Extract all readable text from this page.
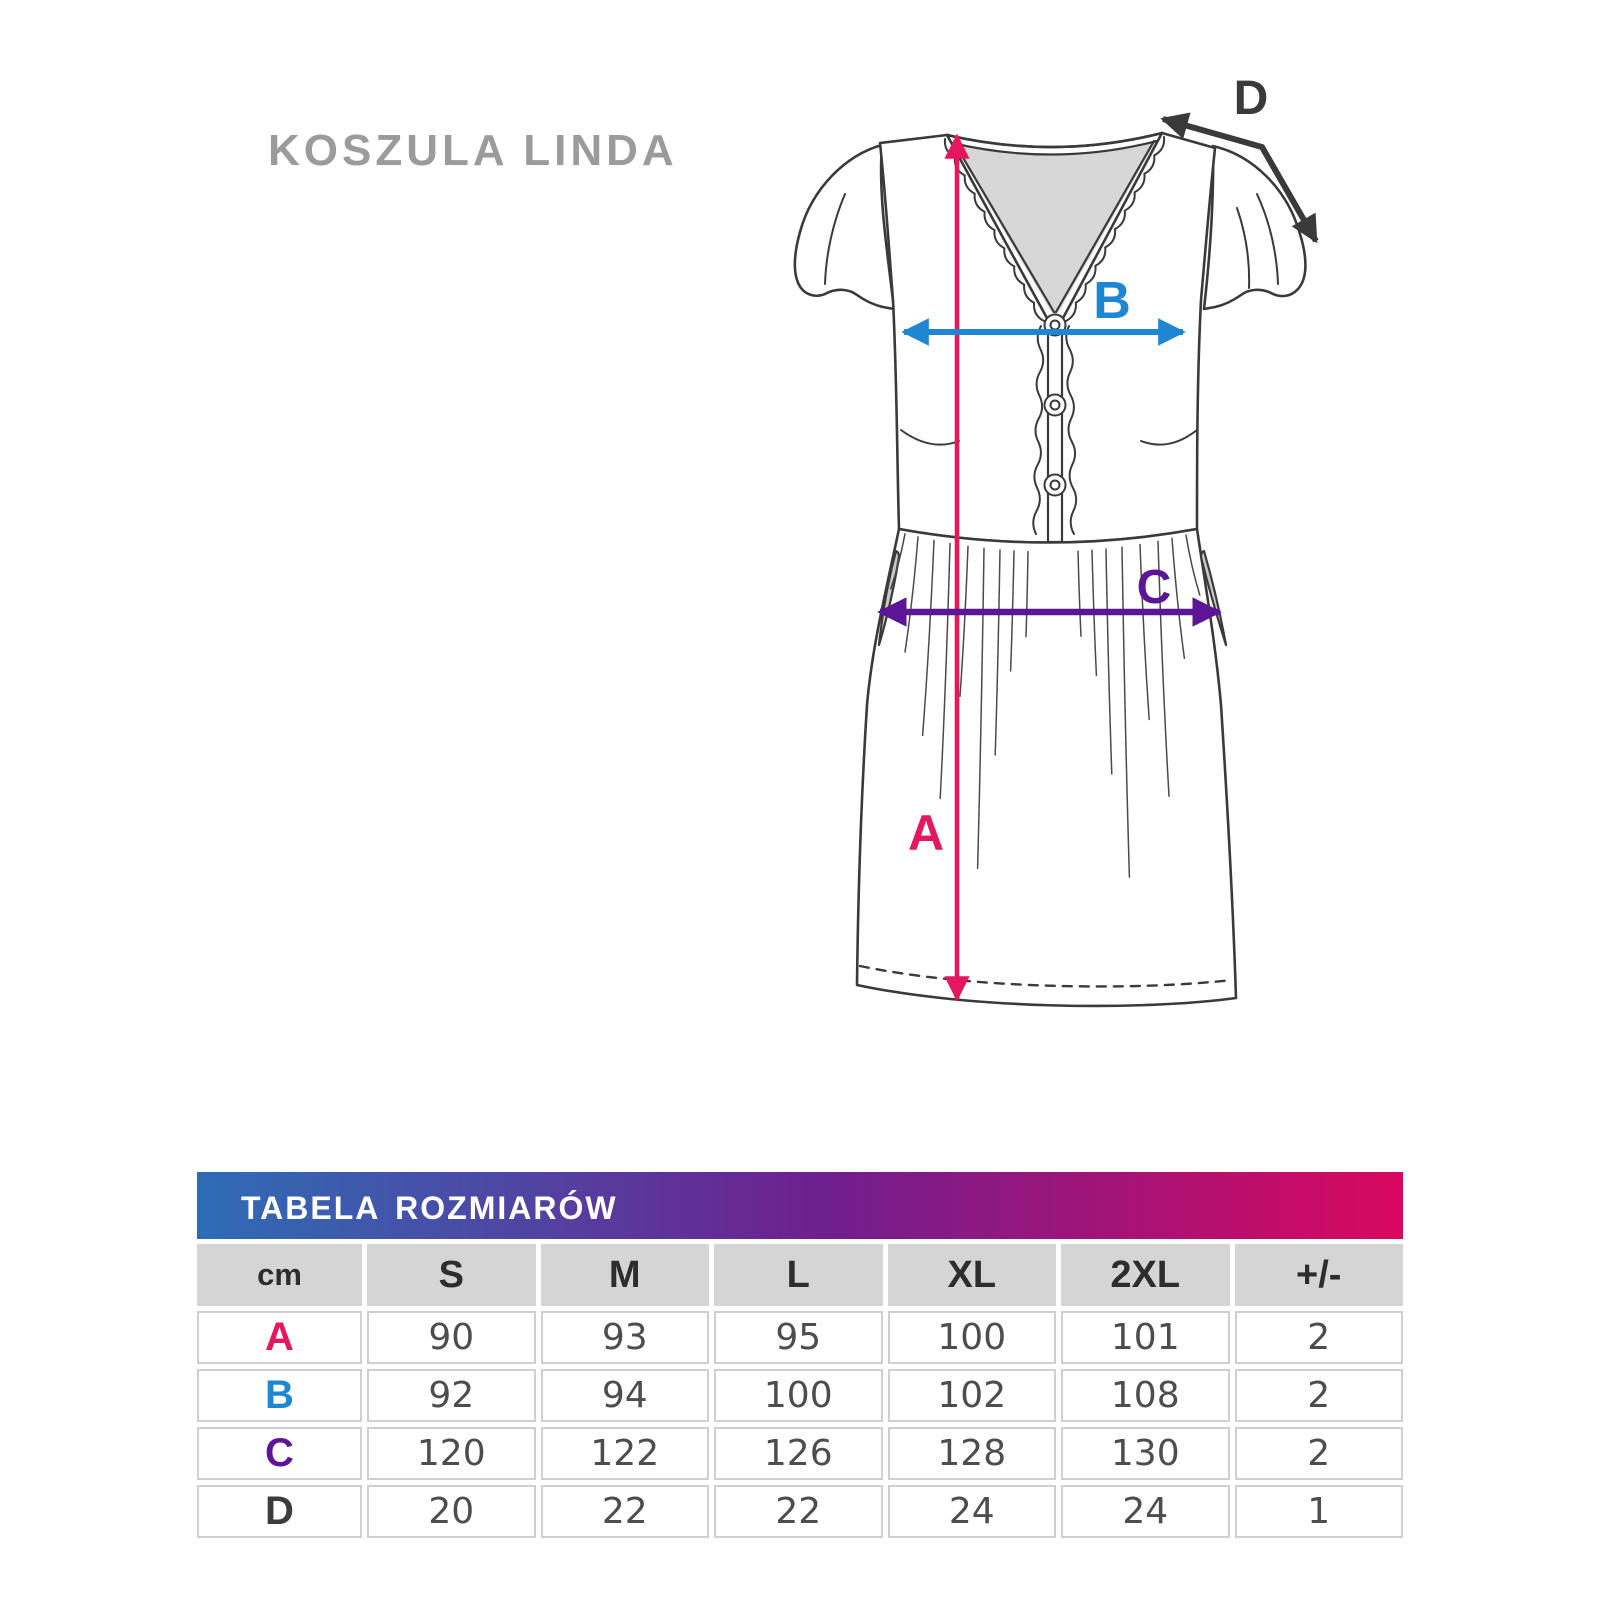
KOSZULA LINDA
A
B
C
D
tabela rozmiarów
cm	S	M	L	XL	2XL	+/-
A	90	93	95	100	101	2
B	92	94	100	102	108	2
C	120	122	126	128	130	2
D	20	22	22	24	24	1
